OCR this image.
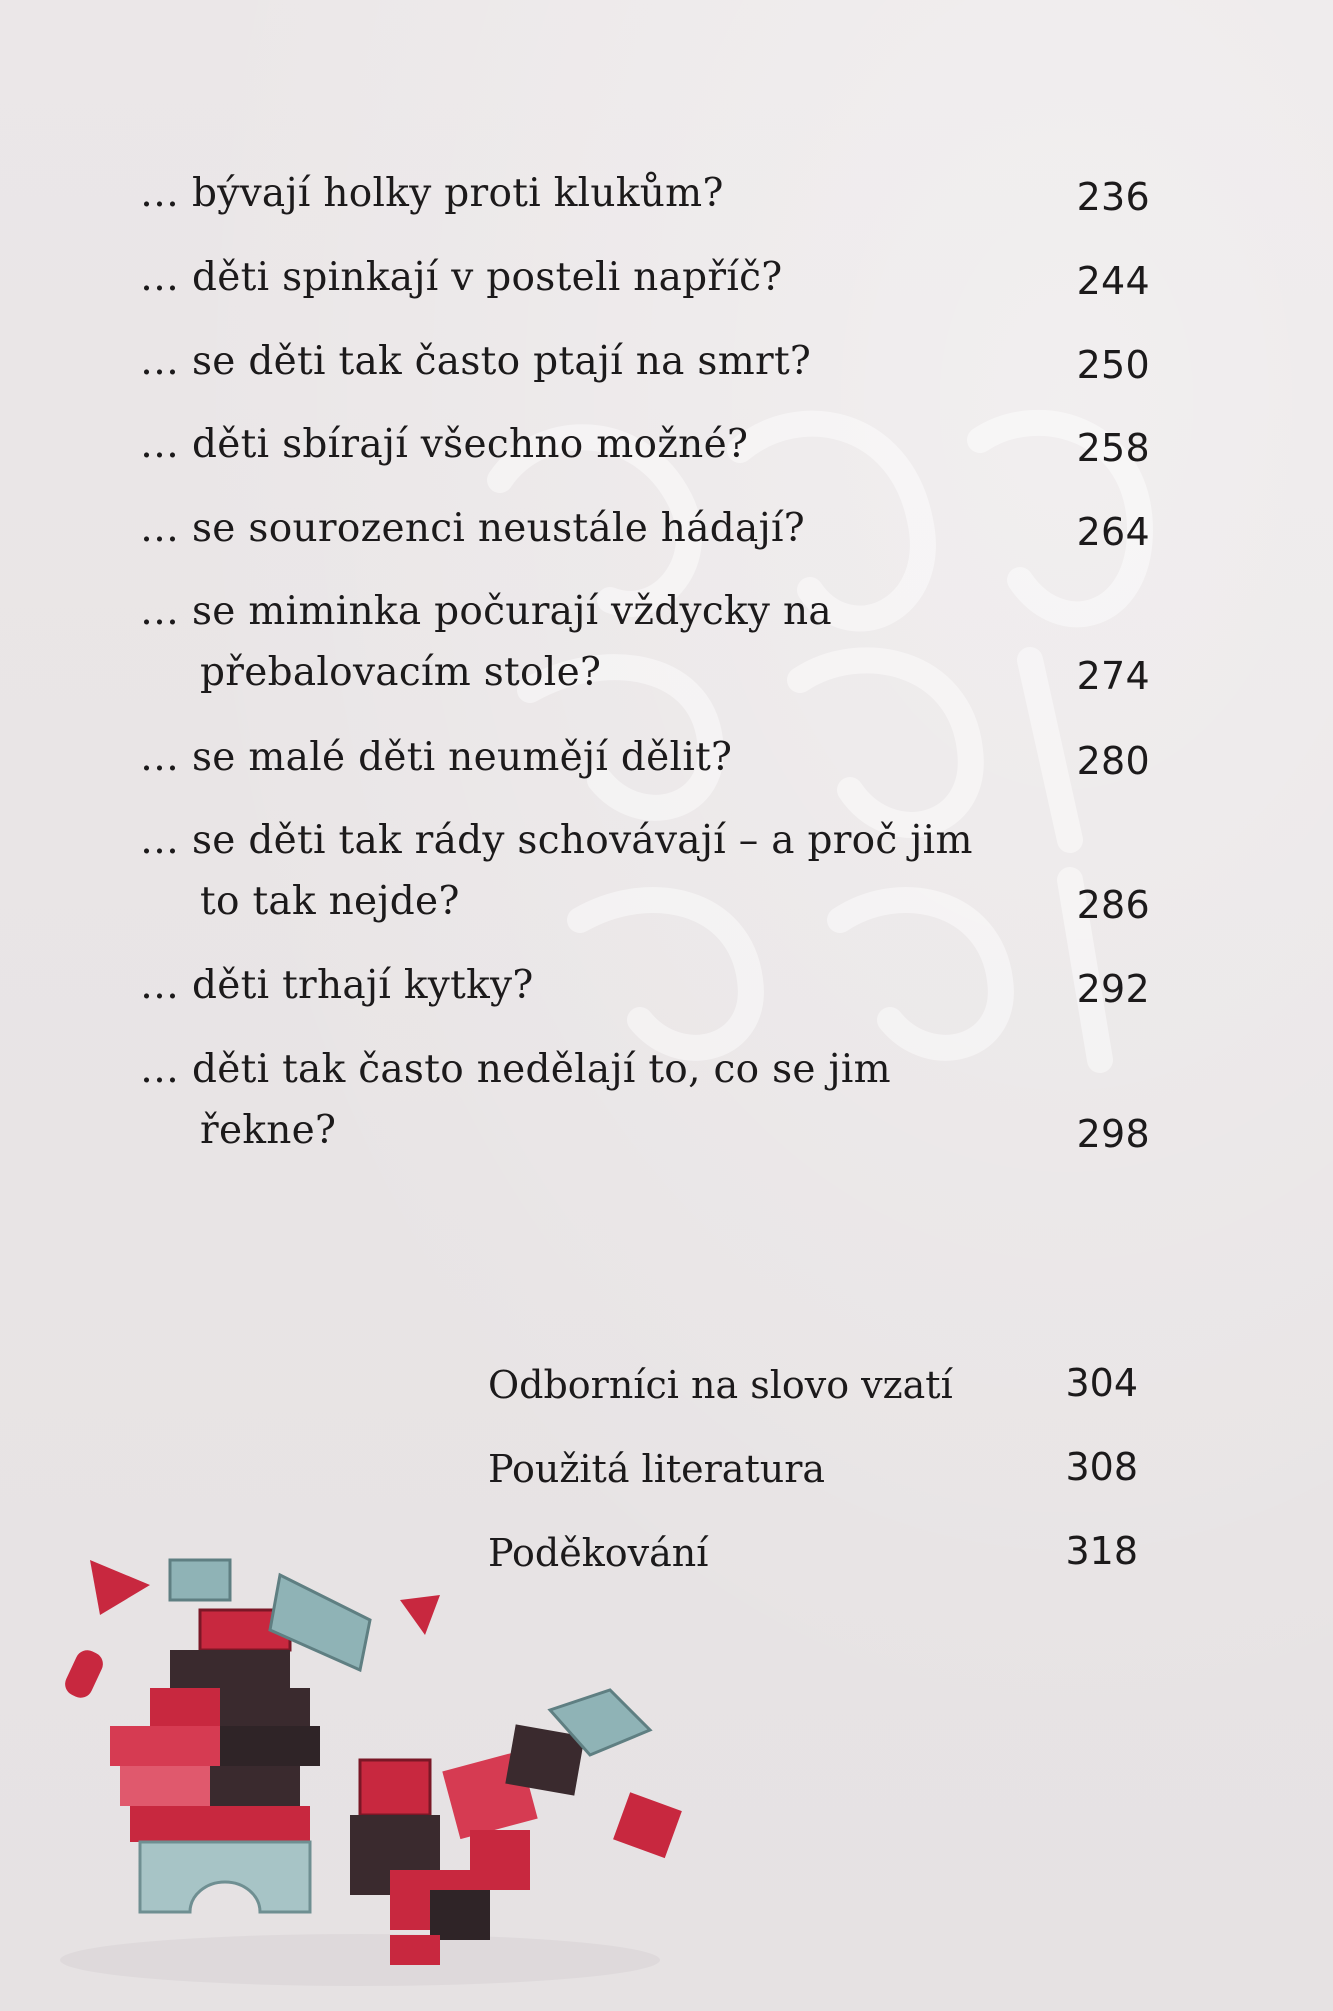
… bývají holky proti klukům?	236
… děti spinkají v posteli napříč?	244
… se děti tak často ptají na smrt?	250
… děti sbírají všechno možné?	258
… se sourozenci neustále hádají?	264
… se miminka počurají vždycky na přebalovacím stole?	274
… se malé děti neumějí dělit?	280
… se děti tak rády schovávají – a proč jim to tak nejde?	286
… děti trhají kytky?	292
… děti tak často nedělají to, co se jim řekne?	298
Odborníci na slovo vzatí	304
Použitá literatura	308
Poděkování	318
